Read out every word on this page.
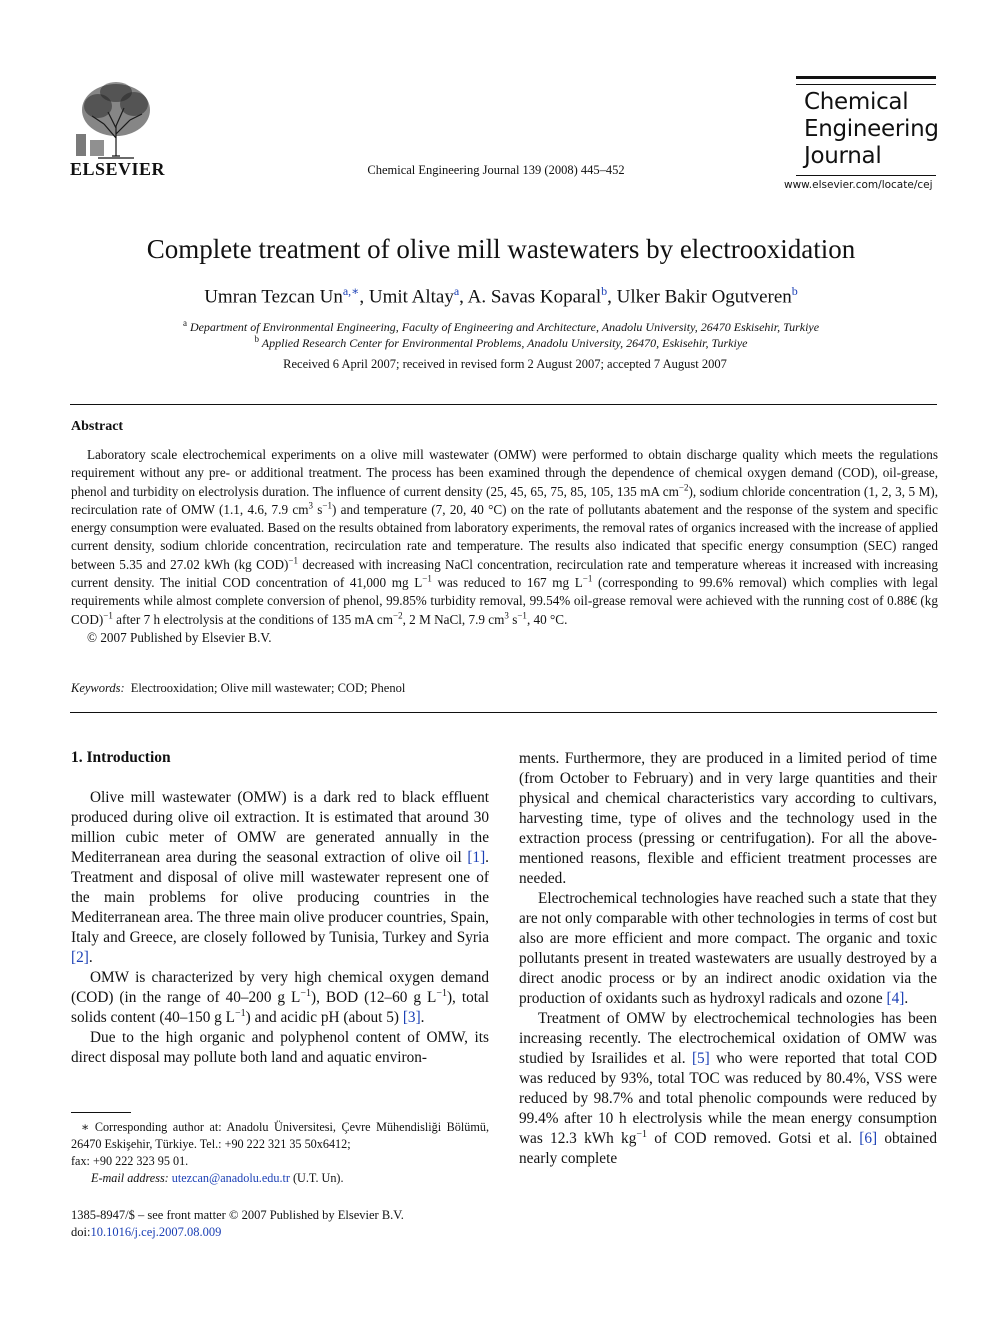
ELSEVIER	Chemical Engineering Journal 139 (2008) 445–452
Chemical
Engineering
Journal
www.elsevier.com/locate/cej
Complete treatment of olive mill wastewaters by electrooxidation
Umran Tezcan Un$^{a,∗}$, Umit Altay$^a$, A. Savas Koparal$^b$, Ulker Bakir Ogutveren$^b$
$^a$ Department of Environmental Engineering, Faculty of Engineering and Architecture, Anadolu University, 26470 Eskisehir, Turkiye
$^b$ Applied Research Center for Environmental Problems, Anadolu University, 26470, Eskisehir, Turkiye
Received 6 April 2007; received in revised form 2 August 2007; accepted 7 August 2007
Abstract

Laboratory scale electrochemical experiments on a olive mill wastewater (OMW) were performed to obtain discharge quality which meets the regulations requirement without any pre- or additional treatment. The process has been examined through the dependence of chemical oxygen demand (COD), oil-grease, phenol and turbidity on electrolysis duration. The influence of current density (25, 45, 65, 75, 85, 105, 135 mA $cm^{-2}$), sodium chloride concentration (1, 2, 3, 5 M), recirculation rate of OMW (1.1, 4.6, 7.9 $cm^3$ $s^{-1}$) and temperature (7, 20, 40 °C) on the rate of pollutants abatement and the response of the system and specific energy consumption were evaluated. Based on the results obtained from laboratory experiments, the removal rates of organics increased with the increase of applied current density, sodium chloride concentration, recirculation rate and temperature. The results also indicated that specific energy consumption (SEC) ranged between 5.35 and 27.02 kWh (kg COD)$^{-1}$ decreased with increasing NaCl concentration, recirculation rate and temperature whereas it increased with increasing current density. The initial COD concentration of 41,000 mg $L^{-1}$ was reduced to 167 mg $L^{-1}$ (corresponding to 99.6% removal) which complies with legal requirements while almost complete conversion of phenol, 99.85% turbidity removal, 99.54% oil-grease removal were achieved with the running cost of 0.88€ (kg COD)$^{-1}$ after 7 h electrolysis at the conditions of 135 mA $cm^{-2}$, 2 M NaCl, 7.9 $cm^3$ $s^{-1}$, 40 °C.

© 2007 Published by Elsevier B.V.

Keywords: Electrooxidation; Olive mill wastewater; COD; Phenol
1. Introduction

Olive mill wastewater (OMW) is a dark red to black effluent produced during olive oil extraction. It is estimated that around 30 million cubic meter of OMW are generated annually in the Mediterranean area during the seasonal extraction of olive oil [1]. Treatment and disposal of olive mill wastewater represent one of the main problems for olive producing countries in the Mediterranean area. The three main olive producer countries, Spain, Italy and Greece, are closely followed by Tunisia, Turkey and Syria [2].

OMW is characterized by very high chemical oxygen demand (COD) (in the range of 40–200 g $L^{-1}$), BOD (12–60 g $L^{-1}$), total solids content (40–150 g $L^{-1}$) and acidic pH (about 5) [3].

Due to the high organic and polyphenol content of OMW, its direct disposal may pollute both land and aquatic environ-

ments. Furthermore, they are produced in a limited period of time (from October to February) and in very large quantities and their physical and chemical characteristics vary according to cultivars, harvesting time, type of olives and the technology used in the extraction process (pressing or centrifugation). For all the above-mentioned reasons, flexible and efficient treatment processes are needed.

Electrochemical technologies have reached such a state that they are not only comparable with other technologies in terms of cost but also are more efficient and more compact. The organic and toxic pollutants present in treated wastewaters are usually destroyed by a direct anodic process or by an indirect anodic oxidation via the production of oxidants such as hydroxyl radicals and ozone [4].

Treatment of OMW by electrochemical technologies has been increasing recently. The electrochemical oxidation of OMW was studied by Israilides et al. [5] who were reported that total COD was reduced by 93%, total TOC was reduced by 80.4%, VSS were reduced by 98.7% and total phenolic compounds were reduced by 99.4% after 10 h electrolysis while the mean energy consumption was 12.3 kWh $kg^{-1}$ of COD removed. Gotsi et al. [6] obtained nearly complete

∗ Corresponding author at: Anadolu Üniversitesi, Çevre Mühendisliği Bölümü, 26470 Eskişehir, Türkiye. Tel.: +90 222 321 35 50x6412;

fax: +90 222 323 95 01.

E-mail address: utezcan@anadolu.edu.tr (U.T. Un).

1385-8947/$ – see front matter © 2007 Published by Elsevier B.V.
doi:10.1016/j.cej.2007.08.009
